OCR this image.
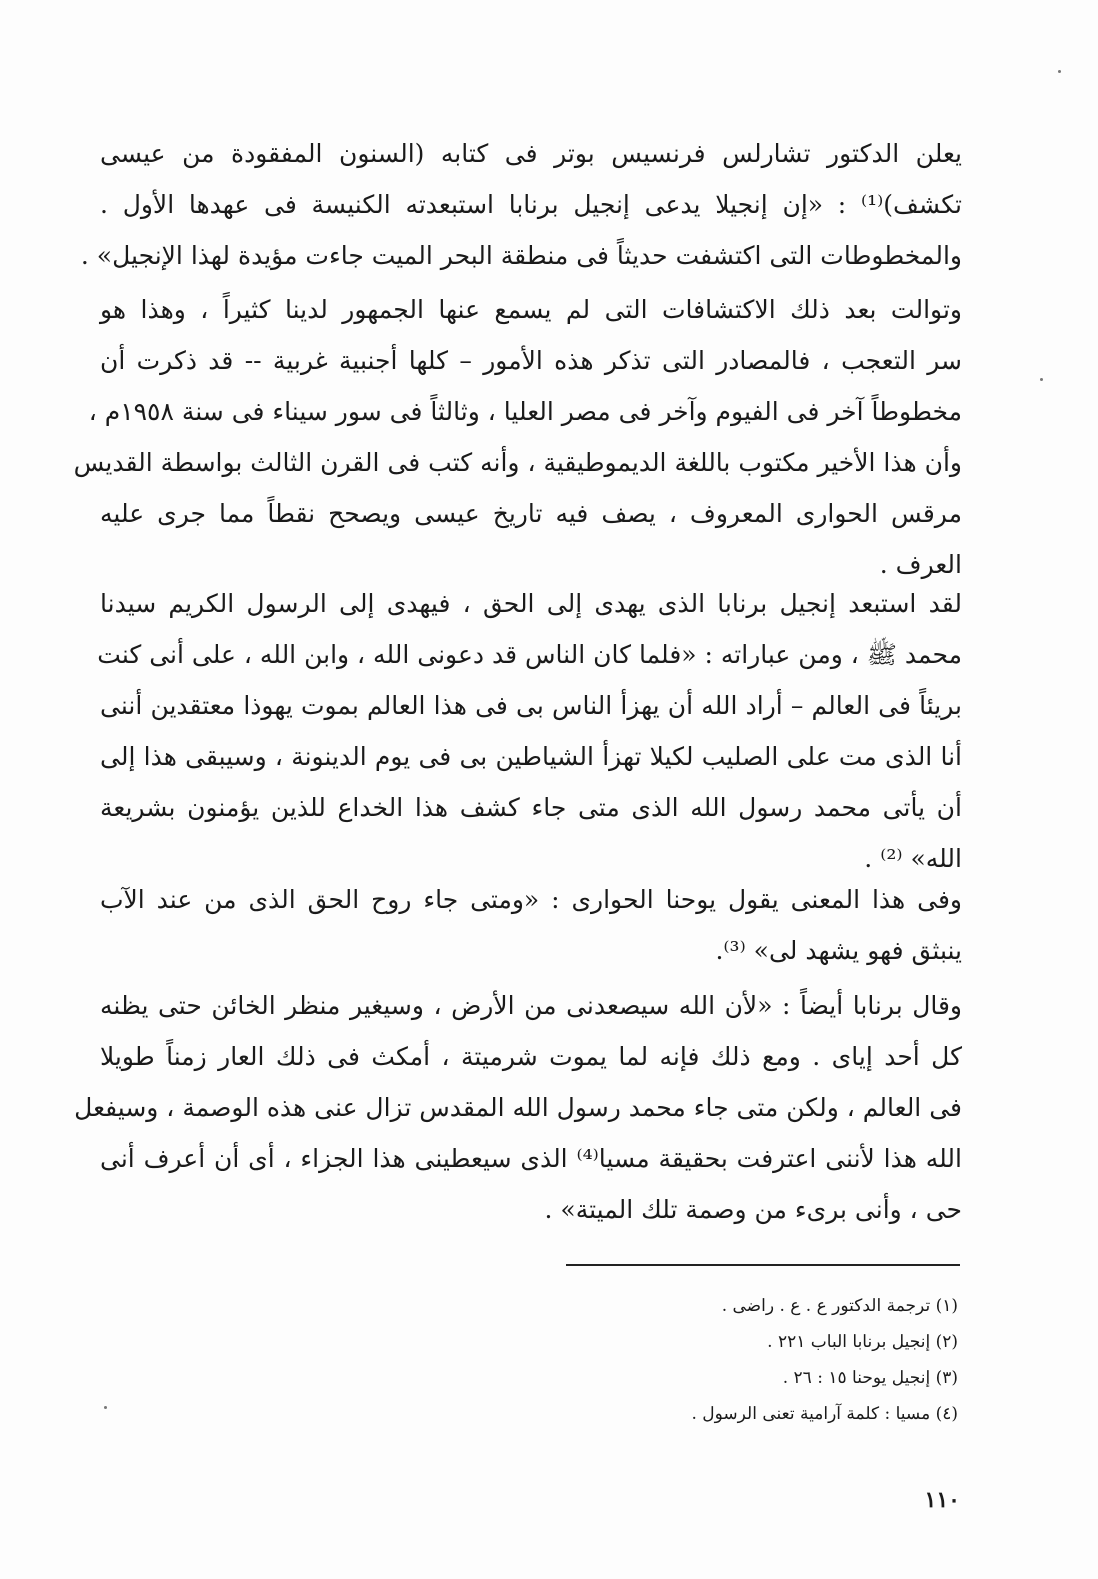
يعلن الدكتور تشارلس فرنسيس بوتر فى كتابه (السنون المفقودة من عيسى
تكشف)⁽¹⁾ : «إن إنجيلا يدعى إنجيل برنابا استبعدته الكنيسة فى عهدها الأول .
والمخطوطات التى اكتشفت حديثاً فى منطقة البحر الميت جاءت مؤيدة لهذا الإنجيل» .

وتوالت بعد ذلك الاكتشافات التى لم يسمع عنها الجمهور لدينا كثيراً ، وهذا هو
سر التعجب ، فالمصادر التى تذكر هذه الأمور – كلها أجنبية غربية -- قد ذكرت أن
مخطوطاً آخر فى الفيوم وآخر فى مصر العليا ، وثالثاً فى سور سيناء فى سنة ١٩٥٨م ،
وأن هذا الأخير مكتوب باللغة الديموطيقية ، وأنه كتب فى القرن الثالث بواسطة القديس
مرقس الحوارى المعروف ، يصف فيه تاريخ عيسى ويصحح نقطاً مما جرى عليه
العرف .

لقد استبعد إنجيل برنابا الذى يهدى إلى الحق ، فيهدى إلى الرسول الكريم سيدنا
محمد ﷺ ، ومن عباراته : «فلما كان الناس قد دعونى الله ، وابن الله ، على أنى كنت
بريئاً فى العالم – أراد الله أن يهزأ الناس بى فى هذا العالم بموت يهوذا معتقدين أننى
أنا الذى مت على الصليب لكيلا تهزأ الشياطين بى فى يوم الدينونة ، وسيبقى هذا إلى
أن يأتى محمد رسول الله الذى متى جاء كشف هذا الخداع للذين يؤمنون بشريعة
الله» ⁽²⁾ .

وفى هذا المعنى يقول يوحنا الحوارى : «ومتى جاء روح الحق الذى من عند الآب
ينبثق فهو يشهد لى» ⁽³⁾.

وقال برنابا أيضاً : «لأن الله سيصعدنى من الأرض ، وسيغير منظر الخائن حتى يظنه
كل أحد إياى . ومع ذلك فإنه لما يموت شرميتة ، أمكث فى ذلك العار زمناً طويلا
فى العالم ، ولكن متى جاء محمد رسول الله المقدس تزال عنى هذه الوصمة ، وسيفعل
الله هذا لأننى اعترفت بحقيقة مسيا⁽⁴⁾ الذى سيعطينى هذا الجزاء ، أى أن أعرف أنى
حى ، وأنى برىء من وصمة تلك الميتة» .

(١) ترجمة الدكتور ع . ع . راضى .
(٢) إنجيل برنابا الباب ٢٢١ .
(٣) إنجيل يوحنا ١٥ : ٢٦ .
(٤) مسيا : كلمة آرامية تعنى الرسول .
١١٠
